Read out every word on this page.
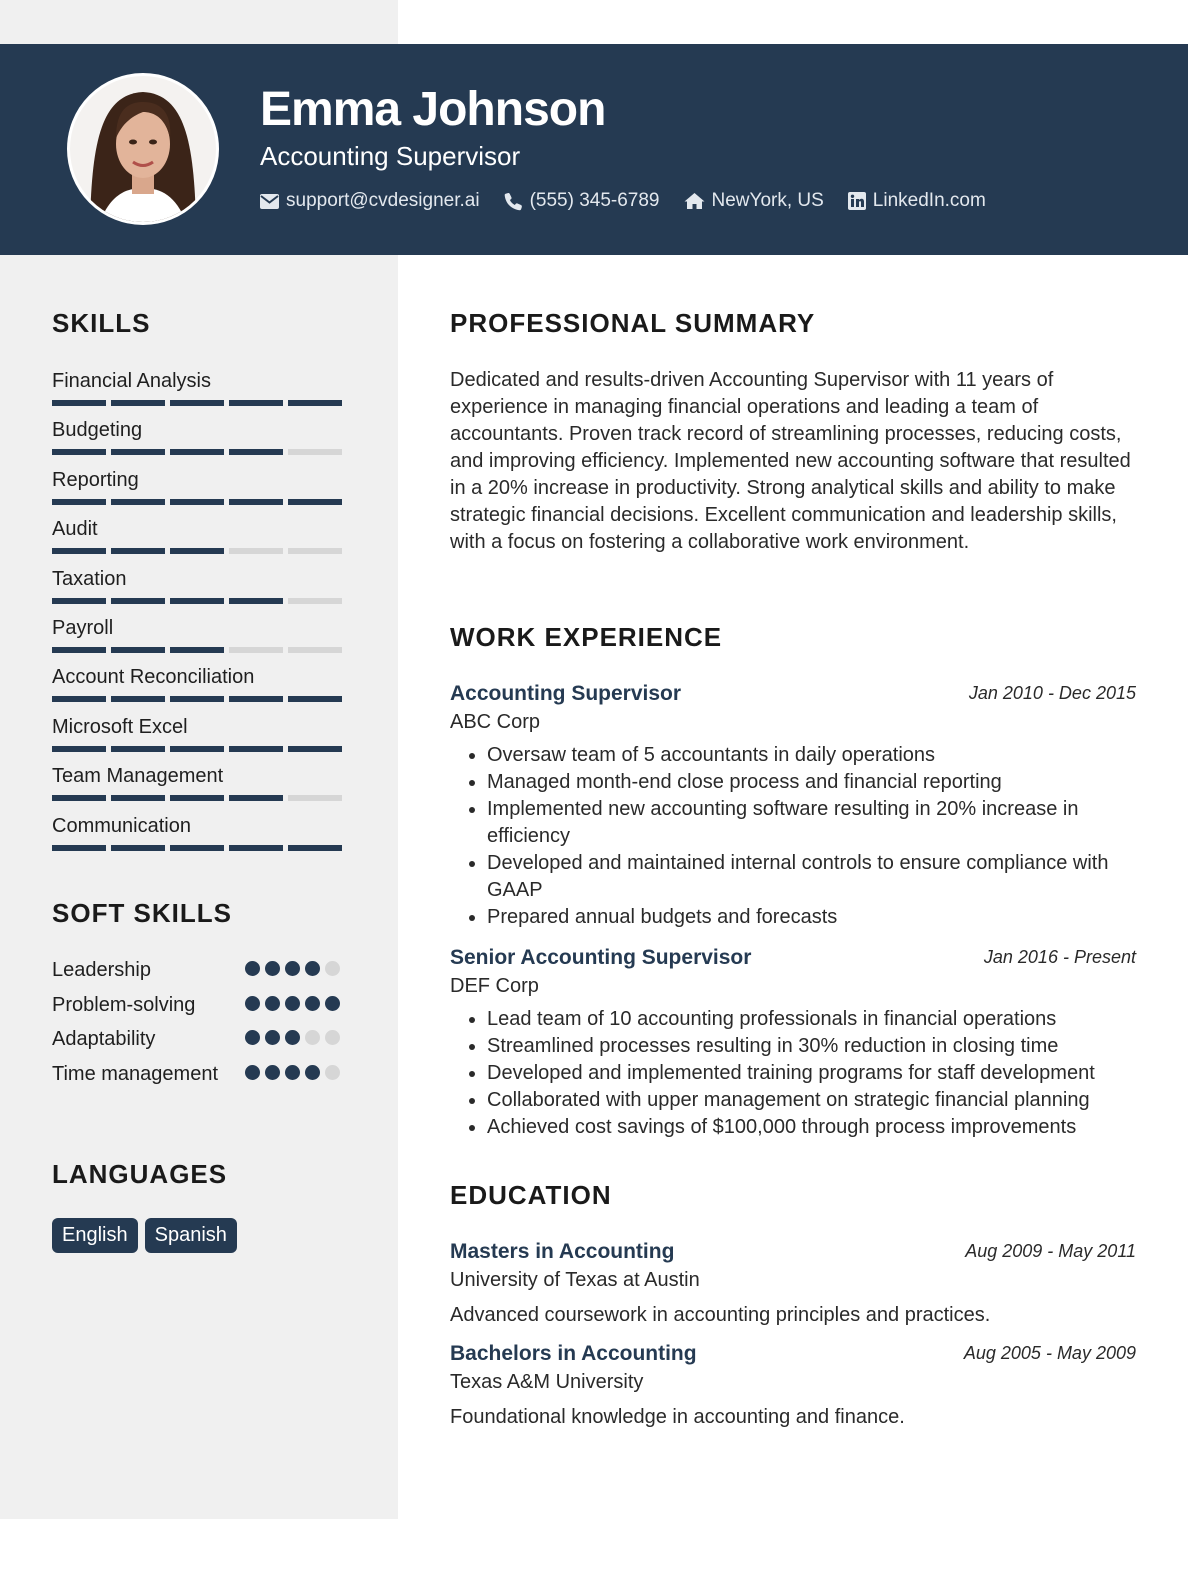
Emma Johnson
Accounting Supervisor
support@cvdesigner.ai	(555) 345-6789	NewYork, US	LinkedIn.com
SKILLS
Financial Analysis
Budgeting
Reporting
Audit
Taxation
Payroll
Account Reconciliation
Microsoft Excel
Team Management
Communication
SOFT SKILLS
Leadership
Problem-solving
Adaptability
Time management
LANGUAGES
English	Spanish
PROFESSIONAL SUMMARY

Dedicated and results-driven Accounting Supervisor with 11 years of experience in managing financial operations and leading a team of accountants. Proven track record of streamlining processes, reducing costs, and improving efficiency. Implemented new accounting software that resulted in a 20% increase in productivity. Strong analytical skills and ability to make strategic financial decisions. Excellent communication and leadership skills, with a focus on fostering a collaborative work environment.

WORK EXPERIENCE
Accounting Supervisor	Jan 2010 - Dec 2015
ABC Corp
• Oversaw team of 5 accountants in daily operations
• Managed month-end close process and financial reporting
• Implemented new accounting software resulting in 20% increase in efficiency
• Developed and maintained internal controls to ensure compliance with GAAP
• Prepared annual budgets and forecasts
Senior Accounting Supervisor	Jan 2016 - Present
DEF Corp
• Lead team of 10 accounting professionals in financial operations
• Streamlined processes resulting in 30% reduction in closing time
• Developed and implemented training programs for staff development
• Collaborated with upper management on strategic financial planning
• Achieved cost savings of $100,000 through process improvements
EDUCATION
Masters in Accounting	Aug 2009 - May 2011
University of Texas at Austin
Advanced coursework in accounting principles and practices.
Bachelors in Accounting	Aug 2005 - May 2009
Texas A&M University
Foundational knowledge in accounting and finance.
